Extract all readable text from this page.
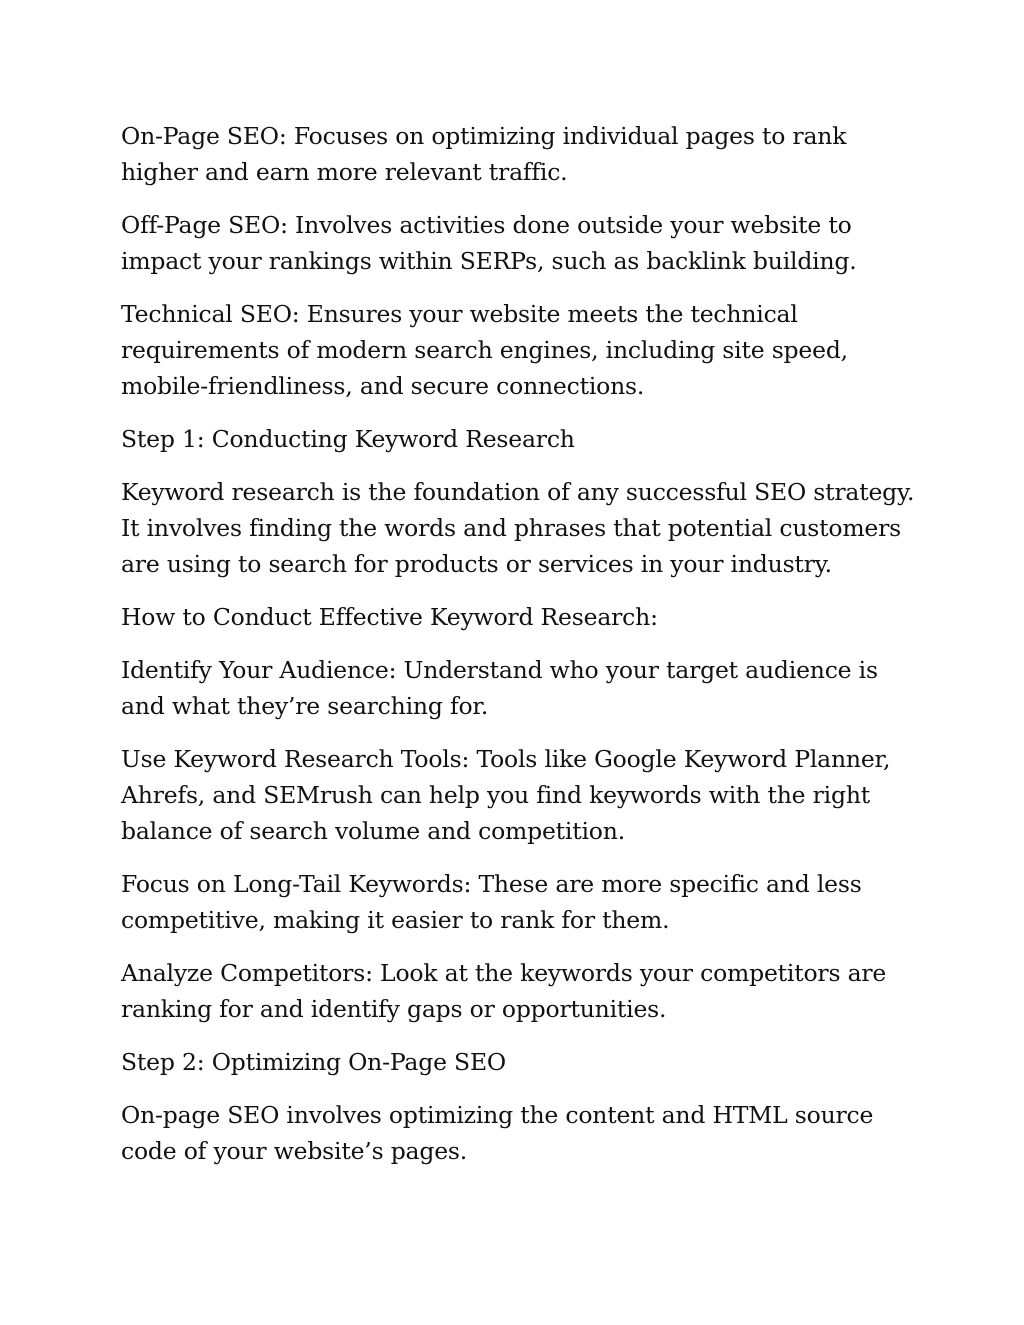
On-Page SEO: Focuses on optimizing individual pages to rank higher and earn more relevant traffic.

Off-Page SEO: Involves activities done outside your website to impact your rankings within SERPs, such as backlink building.

Technical SEO: Ensures your website meets the technical requirements of modern search engines, including site speed, mobile-friendliness, and secure connections.

Step 1: Conducting Keyword Research

Keyword research is the foundation of any successful SEO strategy. It involves finding the words and phrases that potential customers are using to search for products or services in your industry.

How to Conduct Effective Keyword Research:

Identify Your Audience: Understand who your target audience is and what they’re searching for.

Use Keyword Research Tools: Tools like Google Keyword Planner, Ahrefs, and SEMrush can help you find keywords with the right balance of search volume and competition.

Focus on Long-Tail Keywords: These are more specific and less competitive, making it easier to rank for them.

Analyze Competitors: Look at the keywords your competitors are ranking for and identify gaps or opportunities.

Step 2: Optimizing On-Page SEO

On-page SEO involves optimizing the content and HTML source code of your website’s pages.
